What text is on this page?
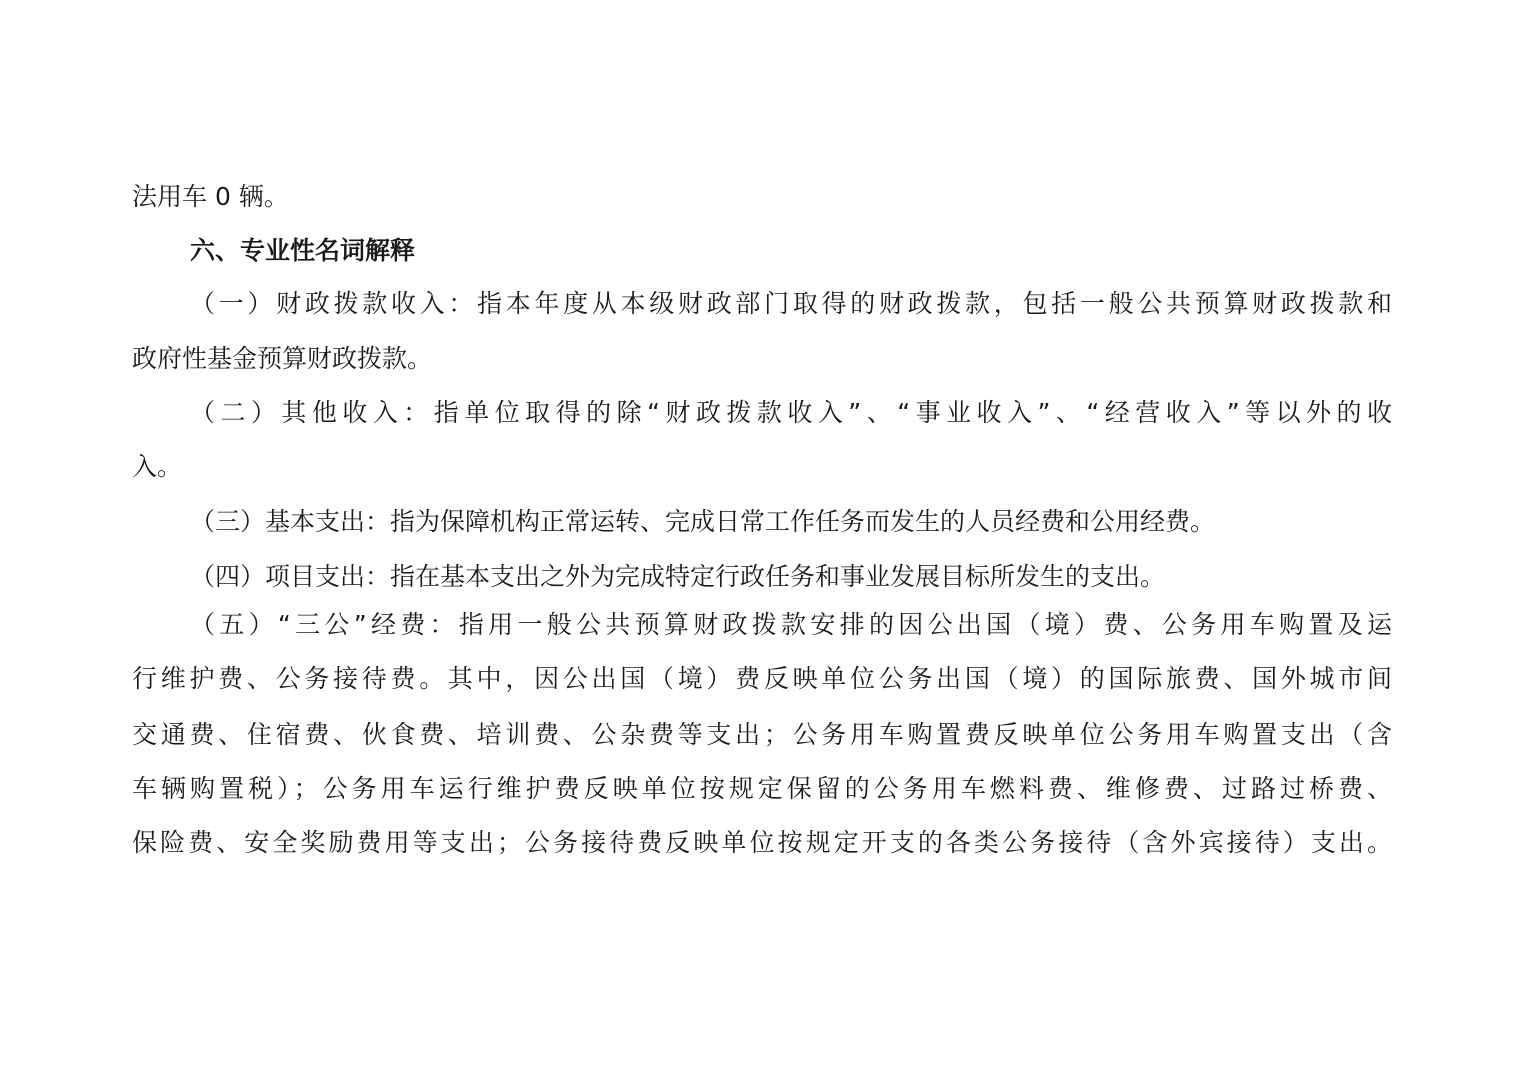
法用车 0 辆。
六、专业性名词解释
（一）财政拨款收入：指本年度从本级财政部门取得的财政拨款，包括一般公共预算财政拨款和
政府性基金预算财政拨款。
（二）其他收入：指单位取得的除“财政拨款收入”、“事业收入”、“经营收入”等以外的收
入。
（三）基本支出：指为保障机构正常运转、完成日常工作任务而发生的人员经费和公用经费。
（四）项目支出：指在基本支出之外为完成特定行政任务和事业发展目标所发生的支出。
（五）“三公”经费：指用一般公共预算财政拨款安排的因公出国（境）费、公务用车购置及运
行维护费、公务接待费。其中，因公出国（境）费反映单位公务出国（境）的国际旅费、国外城市间
交通费、住宿费、伙食费、培训费、公杂费等支出；公务用车购置费反映单位公务用车购置支出（含
车辆购置税）；公务用车运行维护费反映单位按规定保留的公务用车燃料费、维修费、过路过桥费、
保险费、安全奖励费用等支出；公务接待费反映单位按规定开支的各类公务接待（含外宾接待）支出。
